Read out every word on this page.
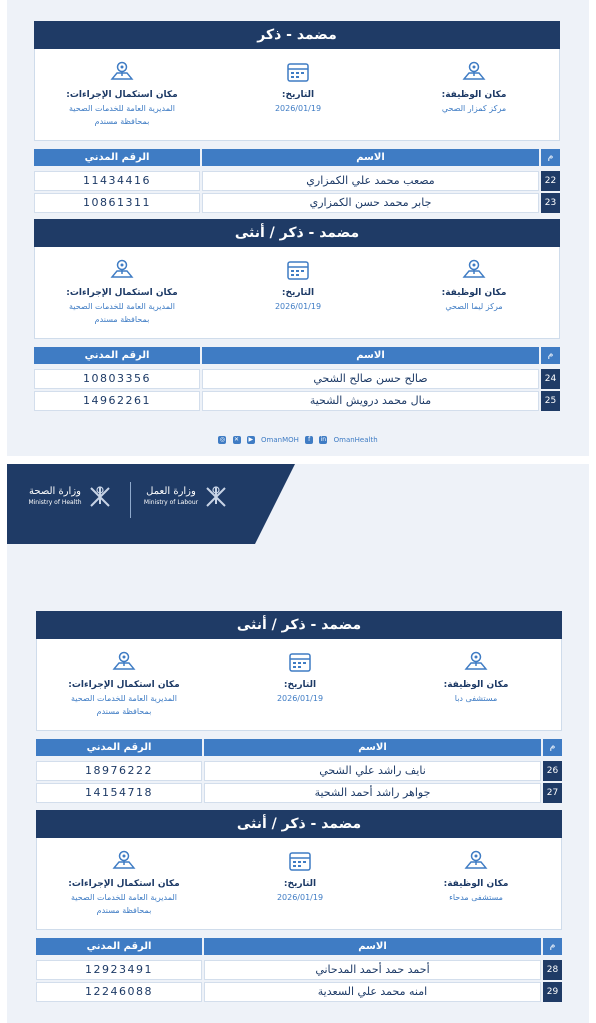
مضمد - ذكر
مكان الوظيفة:
مركز كمزار الصحي
التاريخ:
2026/01/19
مكان استكمال الإجراءات:
المديرية العامة للخدمات الصحية
بمحافظة مسندم
م
الاسم
الرقم المدني
22
مصعب محمد علي الكمزاري
11434416
23
جابر محمد حسن الكمزاري
10861311
مضمد - ذكر / أنثى
مكان الوظيفة:
مركز ليما الصحي
التاريخ:
2026/01/19
مكان استكمال الإجراءات:
المديرية العامة للخدمات الصحية
بمحافظة مسندم
م
الاسم
الرقم المدني
24
صالح حسن صالح الشحي
10803356
25
منال محمد درويش الشحية
14962261
◎ ✕ ▶ OmanMOH f in OmanHealth
وزارة الصحة
Ministry of Health
وزارة العمل
Ministry of Labour
مضمد - ذكر / أنثى
مكان الوظيفة:
مستشفى دبا
التاريخ:
2026/01/19
مكان استكمال الإجراءات:
المديرية العامة للخدمات الصحية
بمحافظة مسندم
م
الاسم
الرقم المدني
26
نايف راشد علي الشحي
18976222
27
جواهر راشد أحمد الشحية
14154718
مضمد - ذكر / أنثى
مكان الوظيفة:
مستشفى مدحاء
التاريخ:
2026/01/19
مكان استكمال الإجراءات:
المديرية العامة للخدمات الصحية
بمحافظة مسندم
م
الاسم
الرقم المدني
28
أحمد حمد أحمد المدحاني
12923491
29
امنه محمد علي السعدية
12246088
